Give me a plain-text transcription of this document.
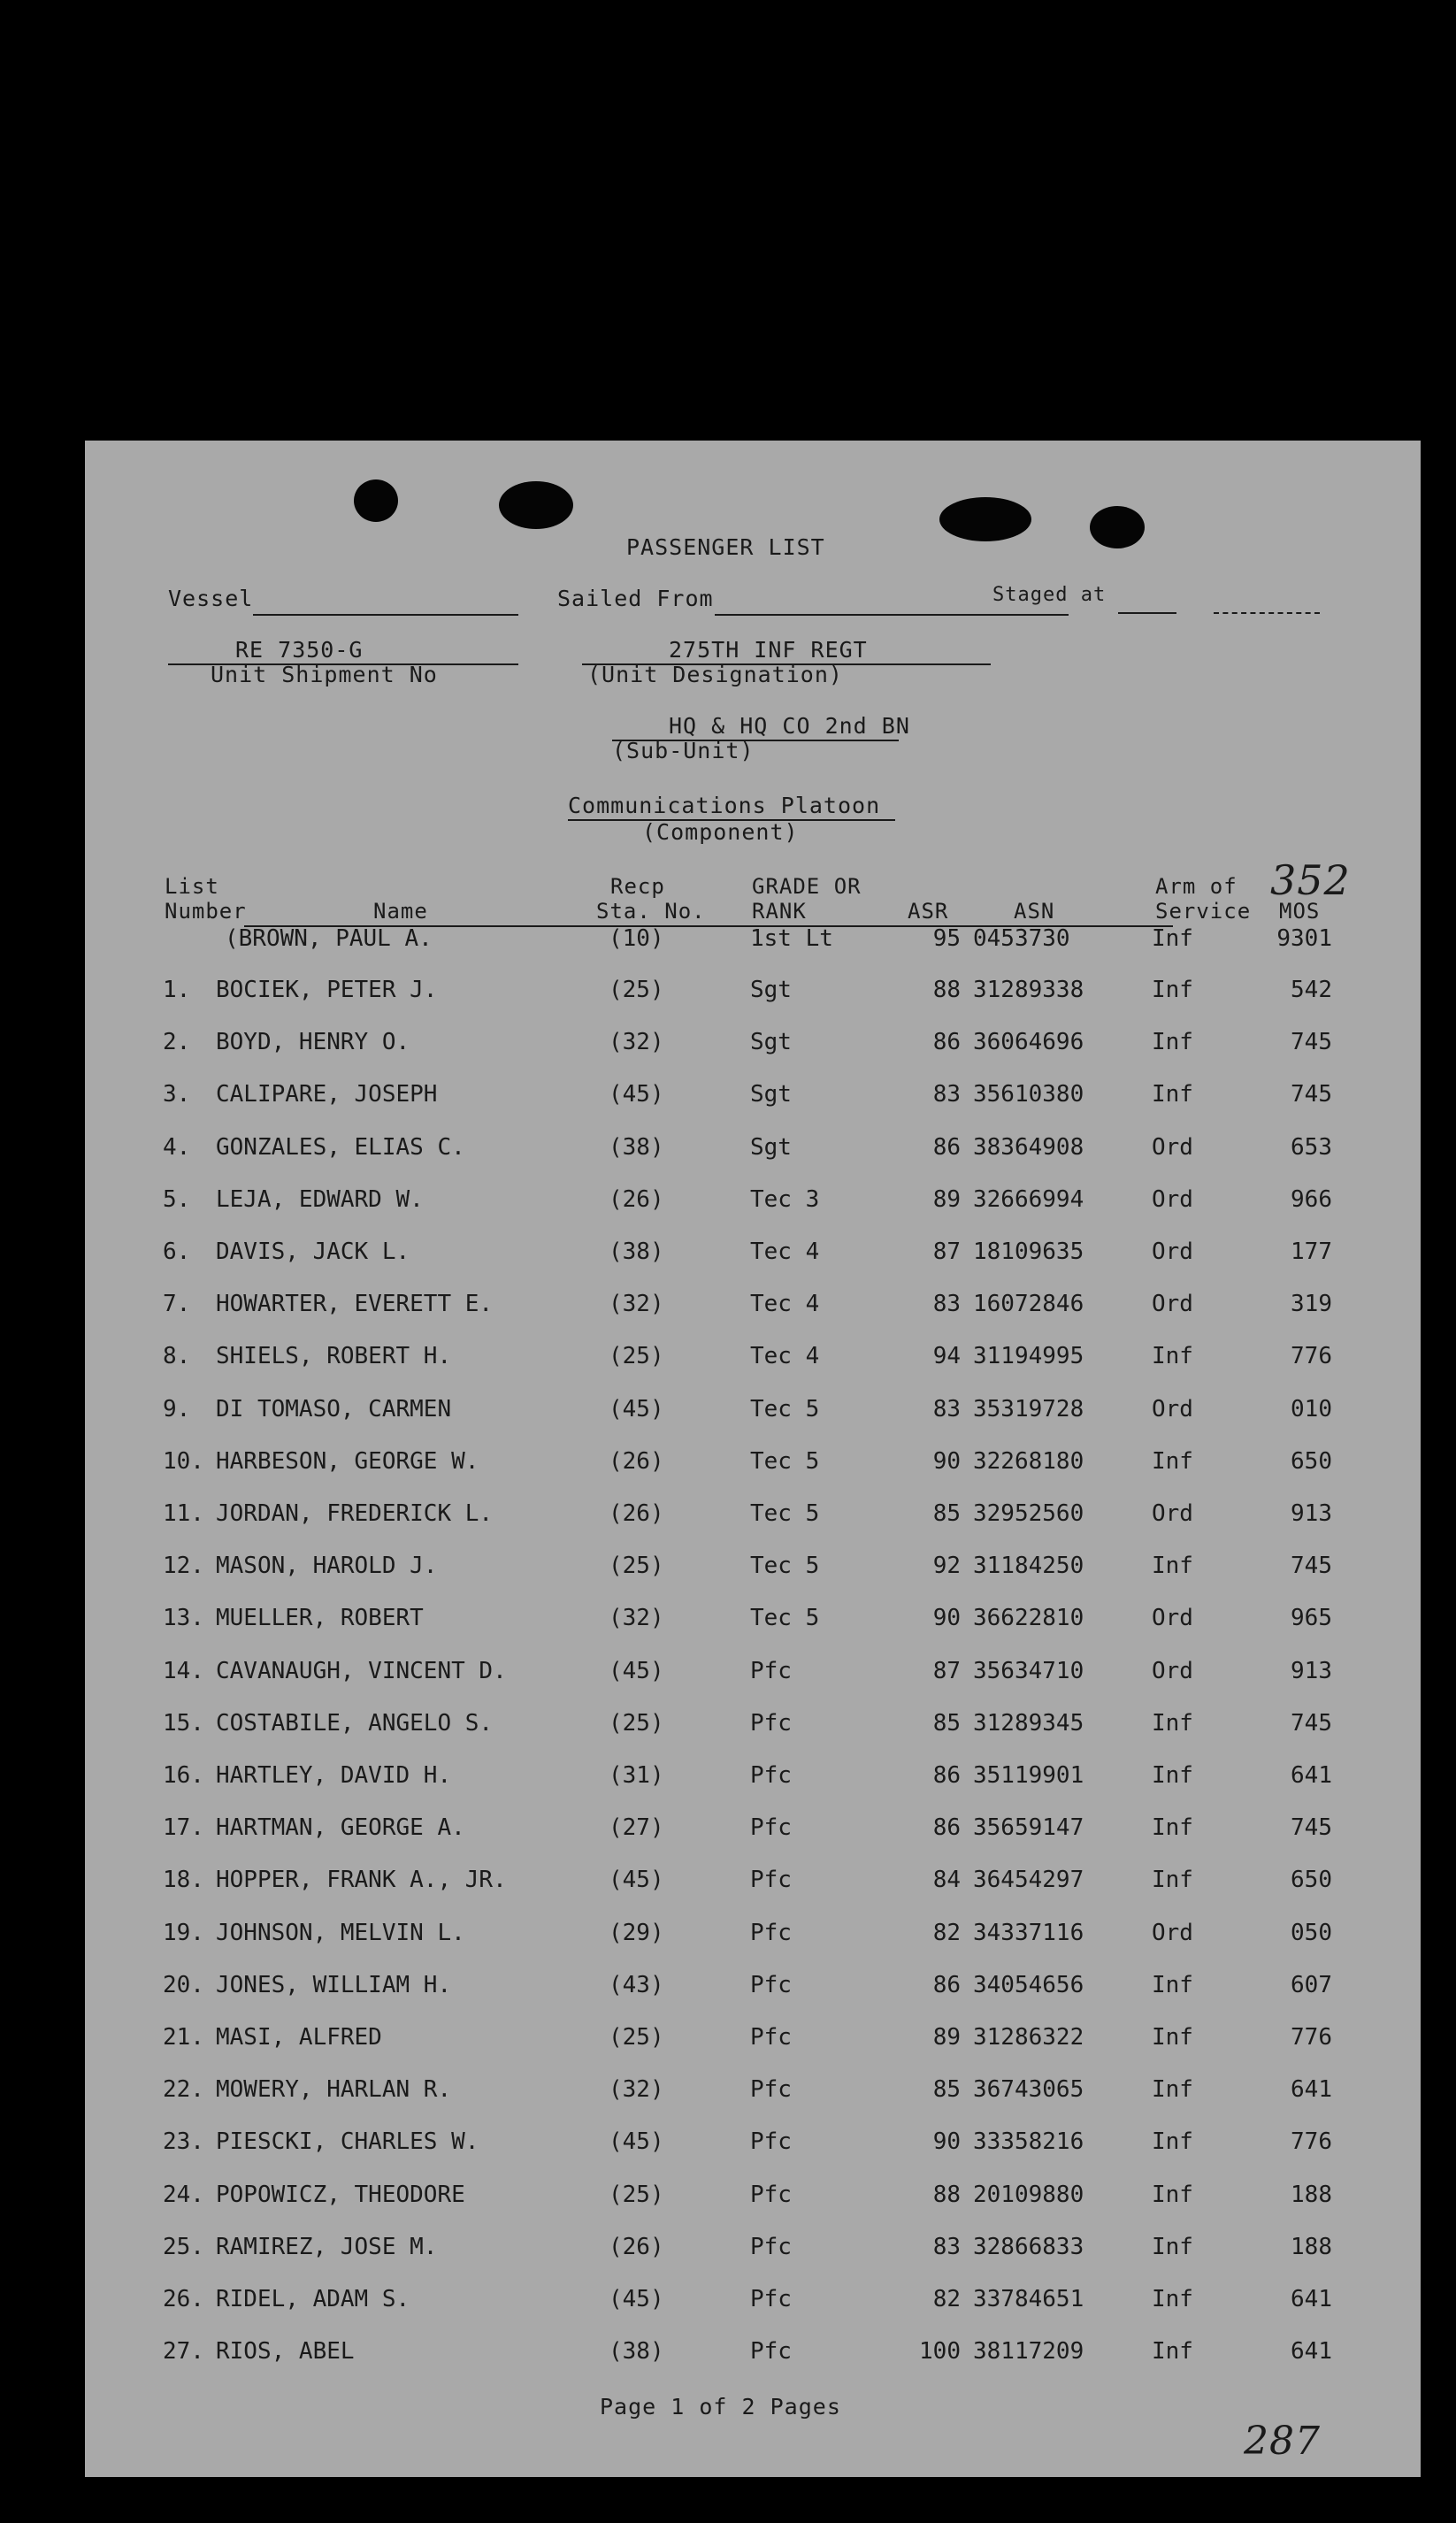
PASSENGER LIST
Vessel	Sailed From	Staged at
RE 7350-G
Unit Shipment No
275TH INF REGT
(Unit Designation)
HQ & HQ CO 2nd BN
(Sub-Unit)
Communications Platoon
(Component)
352
List
Number	Name
Recp
Sta. No.
GRADE OR
RANK	ASR	ASN
Arm of
Service MOS
(BROWN, PAUL A.	(10)	1st Lt	95 0453730	Inf	9301
1. BOCIEK, PETER J.	(25)	Sgt	88 31289338	Inf	542
2. BOYD, HENRY O.	(32)	Sgt	86 36064696	Inf	745
3. CALIPARE, JOSEPH	(45)	Sgt	83 35610380	Inf	745
4. GONZALES, ELIAS C.	(38)	Sgt	86 38364908	Ord	653
5. LEJA, EDWARD W.	(26)	Tec 3	89 32666994	Ord	966
6. DAVIS, JACK L.	(38)	Tec 4	87 18109635	Ord	177
7. HOWARTER, EVERETT E.	(32)	Tec 4	83 16072846	Ord	319
8. SHIELS, ROBERT H.	(25)	Tec 4	94 31194995	Inf	776
9. DI TOMASO, CARMEN	(45)	Tec 5	83 35319728	Ord	010
10. HARBESON, GEORGE W.	(26)	Tec 5	90 32268180	Inf	650
11. JORDAN, FREDERICK L.	(26)	Tec 5	85 32952560	Ord	913
12. MASON, HAROLD J.	(25)	Tec 5	92 31184250	Inf	745
13. MUELLER, ROBERT	(32)	Tec 5	90 36622810	Ord	965
14. CAVANAUGH, VINCENT D.	(45)	Pfc	87 35634710	Ord	913
15. COSTABILE, ANGELO S.	(25)	Pfc	85 31289345	Inf	745
16. HARTLEY, DAVID H.	(31)	Pfc	86 35119901	Inf	641
17. HARTMAN, GEORGE A.	(27)	Pfc	86 35659147	Inf	745
18. HOPPER, FRANK A., JR.	(45)	Pfc	84 36454297	Inf	650
19. JOHNSON, MELVIN L.	(29)	Pfc	82 34337116	Ord	050
20. JONES, WILLIAM H.	(43)	Pfc	86 34054656	Inf	607
21. MASI, ALFRED	(25)	Pfc	89 31286322	Inf	776
22. MOWERY, HARLAN R.	(32)	Pfc	85 36743065	Inf	641
23. PIESCKI, CHARLES W.	(45)	Pfc	90 33358216	Inf	776
24. POPOWICZ, THEODORE	(25)	Pfc	88 20109880	Inf	188
25. RAMIREZ, JOSE M.	(26)	Pfc	83 32866833	Inf	188
26. RIDEL, ADAM S.	(45)	Pfc	82 33784651	Inf	641
27. RIOS, ABEL	(38)	Pfc	100 38117209	Inf	641
Page 1 of 2 Pages
287
